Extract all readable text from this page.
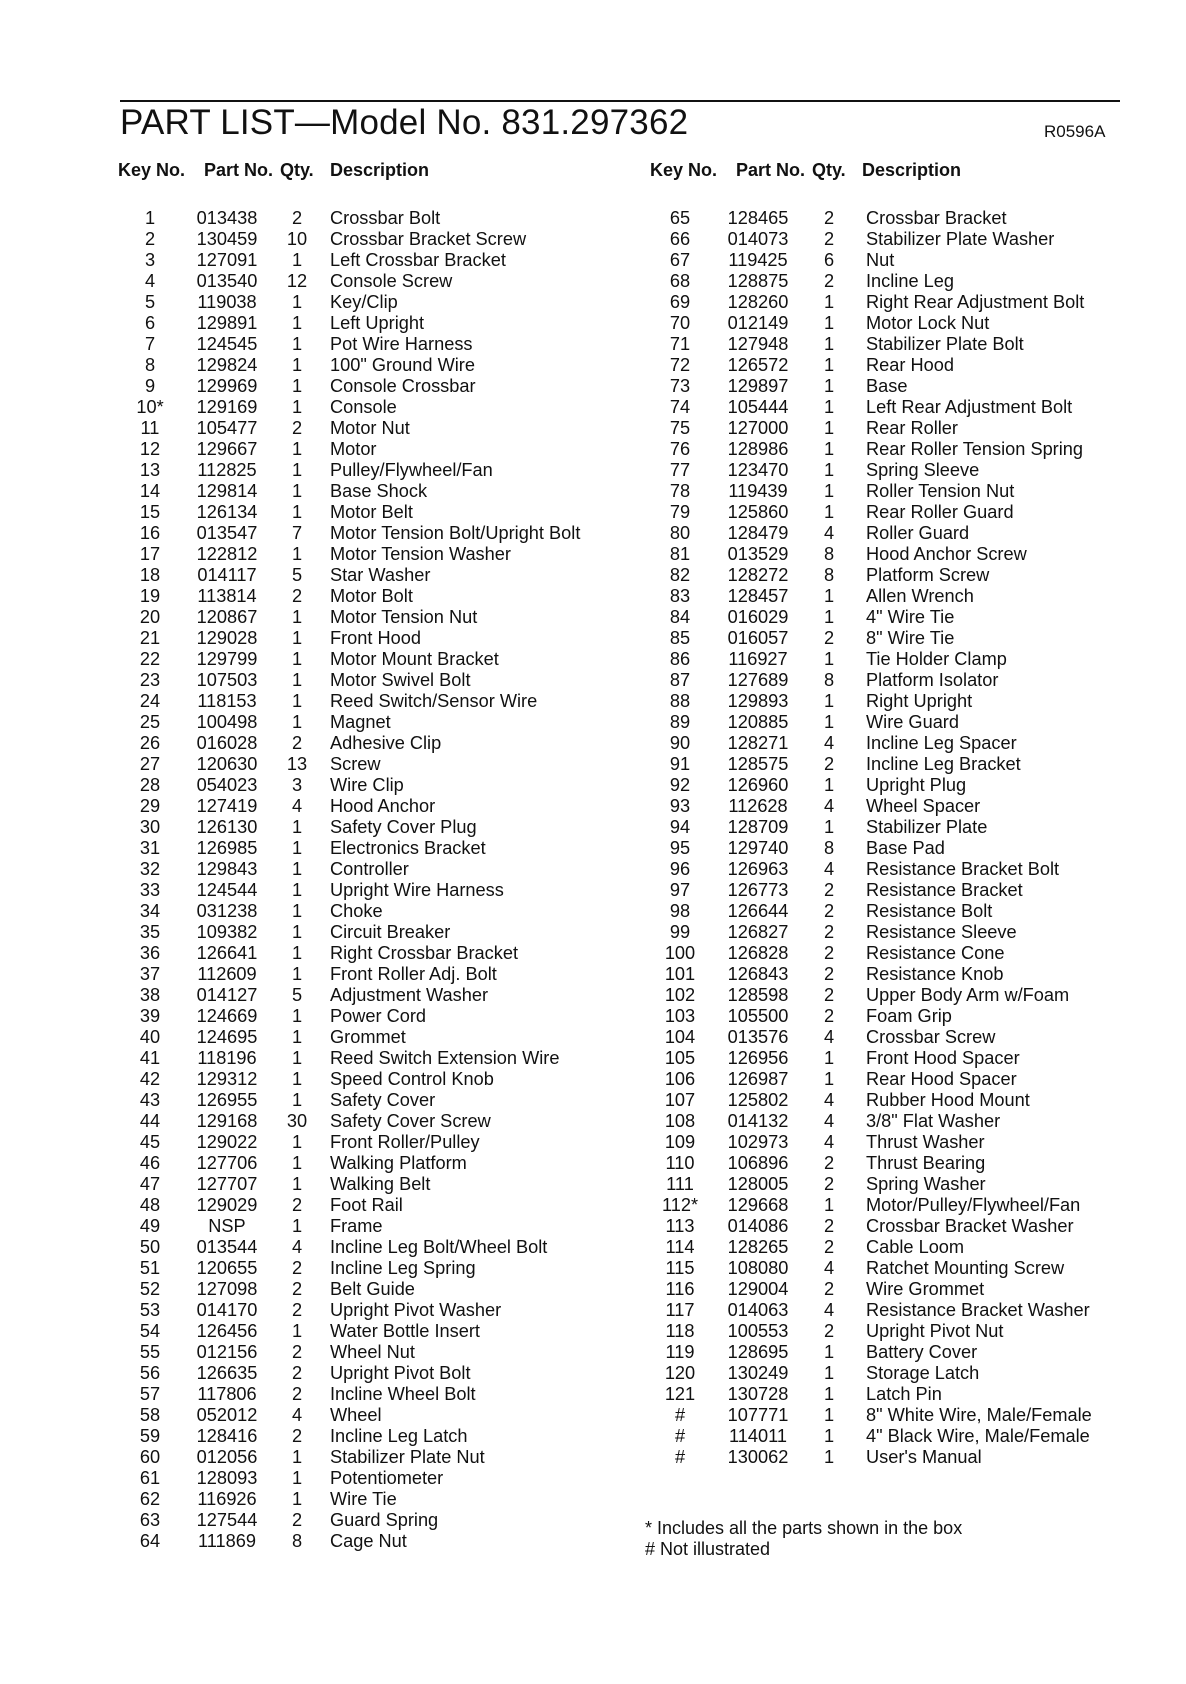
PART LIST—Model No. 831.297362	R0596A
Key No.	Part No. Qty. Description
1	013438	2	Crossbar Bolt
2	130459	10	Crossbar Bracket Screw
3	127091	1	Left Crossbar Bracket
4	013540	12	Console Screw
5	119038	1	Key/Clip
6	129891	1	Left Upright
7	124545	1	Pot Wire Harness
8	129824	1	100" Ground Wire
9	129969	1	Console Crossbar
10*	129169	1	Console
11	105477	2	Motor Nut
12	129667	1	Motor
13	112825	1	Pulley/Flywheel/Fan
14	129814	1	Base Shock
15	126134	1	Motor Belt
16	013547	7	Motor Tension Bolt/Upright Bolt
17	122812	1	Motor Tension Washer
18	014117	5	Star Washer
19	113814	2	Motor Bolt
20	120867	1	Motor Tension Nut
21	129028	1	Front Hood
22	129799	1	Motor Mount Bracket
23	107503	1	Motor Swivel Bolt
24	118153	1	Reed Switch/Sensor Wire
25	100498	1	Magnet
26	016028	2	Adhesive Clip
27	120630	13	Screw
28	054023	3	Wire Clip
29	127419	4	Hood Anchor
30	126130	1	Safety Cover Plug
31	126985	1	Electronics Bracket
32	129843	1	Controller
33	124544	1	Upright Wire Harness
34	031238	1	Choke
35	109382	1	Circuit Breaker
36	126641	1	Right Crossbar Bracket
37	112609	1	Front Roller Adj. Bolt
38	014127	5	Adjustment Washer
39	124669	1	Power Cord
40	124695	1	Grommet
41	118196	1	Reed Switch Extension Wire
42	129312	1	Speed Control Knob
43	126955	1	Safety Cover
44	129168	30	Safety Cover Screw
45	129022	1	Front Roller/Pulley
46	127706	1	Walking Platform
47	127707	1	Walking Belt
48	129029	2	Foot Rail
49	NSP	1	Frame
50	013544	4	Incline Leg Bolt/Wheel Bolt
51	120655	2	Incline Leg Spring
52	127098	2	Belt Guide
53	014170	2	Upright Pivot Washer
54	126456	1	Water Bottle Insert
55	012156	2	Wheel Nut
56	126635	2	Upright Pivot Bolt
57	117806	2	Incline Wheel Bolt
58	052012	4	Wheel
59	128416	2	Incline Leg Latch
60	012056	1	Stabilizer Plate Nut
61	128093	1	Potentiometer
62	116926	1	Wire Tie
63	127544	2	Guard Spring
64	111869	8	Cage Nut
Key No.	Part No. Qty. Description
65	128465	2	Crossbar Bracket
66	014073	2	Stabilizer Plate Washer
67	119425	6	Nut
68	128875	2	Incline Leg
69	128260	1	Right Rear Adjustment Bolt
70	012149	1	Motor Lock Nut
71	127948	1	Stabilizer Plate Bolt
72	126572	1	Rear Hood
73	129897	1	Base
74	105444	1	Left Rear Adjustment Bolt
75	127000	1	Rear Roller
76	128986	1	Rear Roller Tension Spring
77	123470	1	Spring Sleeve
78	119439	1	Roller Tension Nut
79	125860	1	Rear Roller Guard
80	128479	4	Roller Guard
81	013529	8	Hood Anchor Screw
82	128272	8	Platform Screw
83	128457	1	Allen Wrench
84	016029	1	4" Wire Tie
85	016057	2	8" Wire Tie
86	116927	1	Tie Holder Clamp
87	127689	8	Platform Isolator
88	129893	1	Right Upright
89	120885	1	Wire Guard
90	128271	4	Incline Leg Spacer
91	128575	2	Incline Leg Bracket
92	126960	1	Upright Plug
93	112628	4	Wheel Spacer
94	128709	1	Stabilizer Plate
95	129740	8	Base Pad
96	126963	4	Resistance Bracket Bolt
97	126773	2	Resistance Bracket
98	126644	2	Resistance Bolt
99	126827	2	Resistance Sleeve
100	126828	2	Resistance Cone
101	126843	2	Resistance Knob
102	128598	2	Upper Body Arm w/Foam
103	105500	2	Foam Grip
104	013576	4	Crossbar Screw
105	126956	1	Front Hood Spacer
106	126987	1	Rear Hood Spacer
107	125802	4	Rubber Hood Mount
108	014132	4	3/8" Flat Washer
109	102973	4	Thrust Washer
110	106896	2	Thrust Bearing
111	128005	2	Spring Washer
112*	129668	1	Motor/Pulley/Flywheel/Fan
113	014086	2	Crossbar Bracket Washer
114	128265	2	Cable Loom
115	108080	4	Ratchet Mounting Screw
116	129004	2	Wire Grommet
117	014063	4	Resistance Bracket Washer
118	100553	2	Upright Pivot Nut
119	128695	1	Battery Cover
120	130249	1	Storage Latch
121	130728	1	Latch Pin
#	107771	1	8" White Wire, Male/Female
#	114011	1	4" Black Wire, Male/Female
#	130062	1	User's Manual
* Includes all the parts shown in the box
# Not illustrated
